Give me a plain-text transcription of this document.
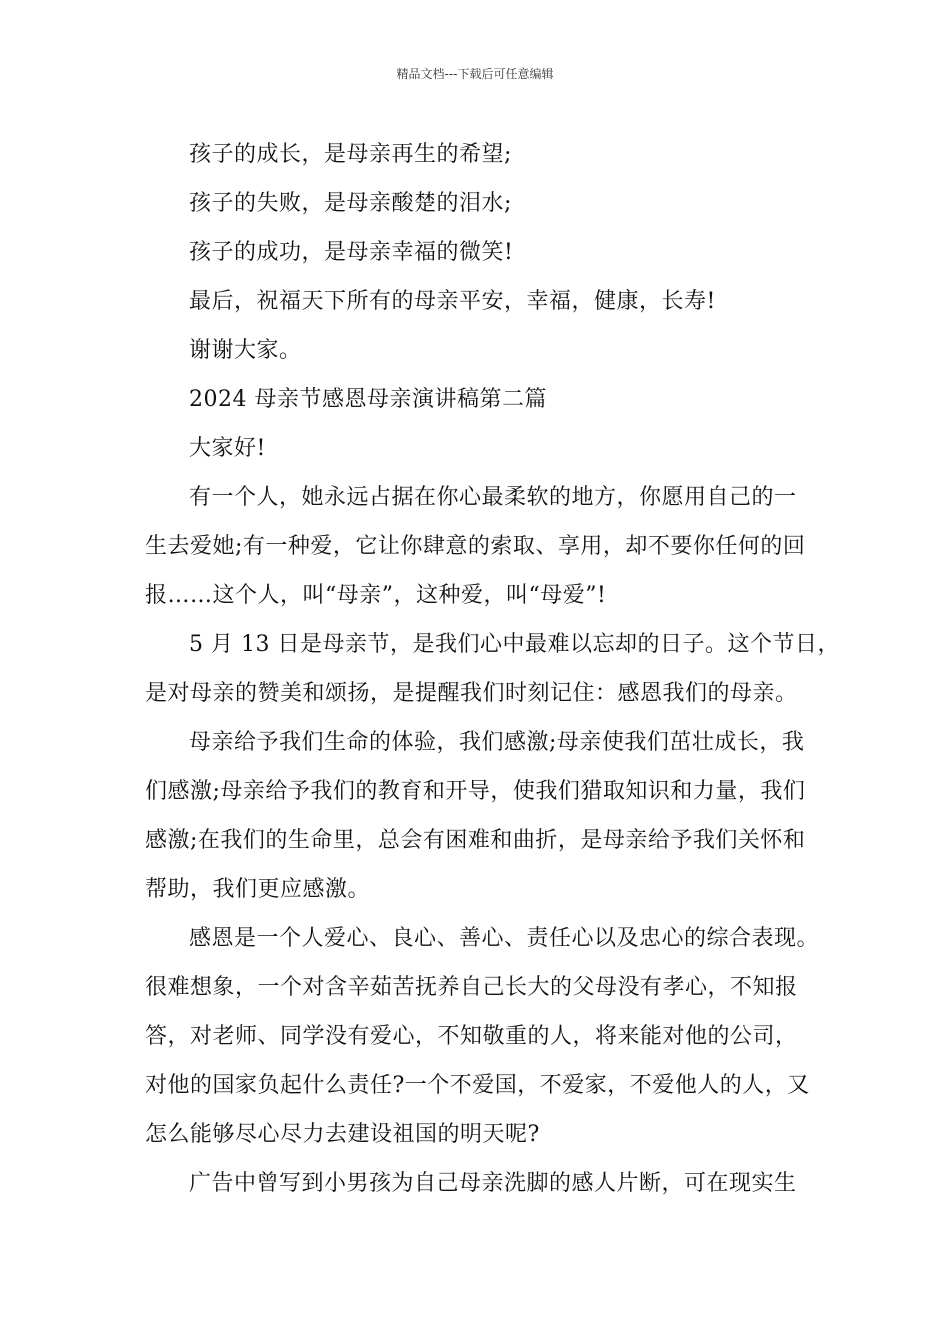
精品文档---下载后可任意编辑
孩子的成长，是母亲再生的希望;
孩子的失败，是母亲酸楚的泪水;
孩子的成功，是母亲幸福的微笑!
最后，祝福天下所有的母亲平安，幸福，健康，长寿!
谢谢大家。
2024 母亲节感恩母亲演讲稿第二篇
大家好!
有一个人，她永远占据在你心最柔软的地方，你愿用自己的一
生去爱她;有一种爱，它让你肆意的索取、享用，却不要你任何的回
报……这个人，叫“母亲”，这种爱，叫“母爱”!
5 月 13 日是母亲节，是我们心中最难以忘却的日子。这个节日，
是对母亲的赞美和颂扬，是提醒我们时刻记住：感恩我们的母亲。
母亲给予我们生命的体验，我们感激;母亲使我们茁壮成长，我
们感激;母亲给予我们的教育和开导，使我们猎取知识和力量，我们
感激;在我们的生命里，总会有困难和曲折，是母亲给予我们关怀和
帮助，我们更应感激。
感恩是一个人爱心、良心、善心、责任心以及忠心的综合表现。
很难想象，一个对含辛茹苦抚养自己长大的父母没有孝心，不知报
答，对老师、同学没有爱心，不知敬重的人，将来能对他的公司，
对他的国家负起什么责任?一个不爱国，不爱家，不爱他人的人，又
怎么能够尽心尽力去建设祖国的明天呢?
广告中曾写到小男孩为自己母亲洗脚的感人片断，可在现实生
